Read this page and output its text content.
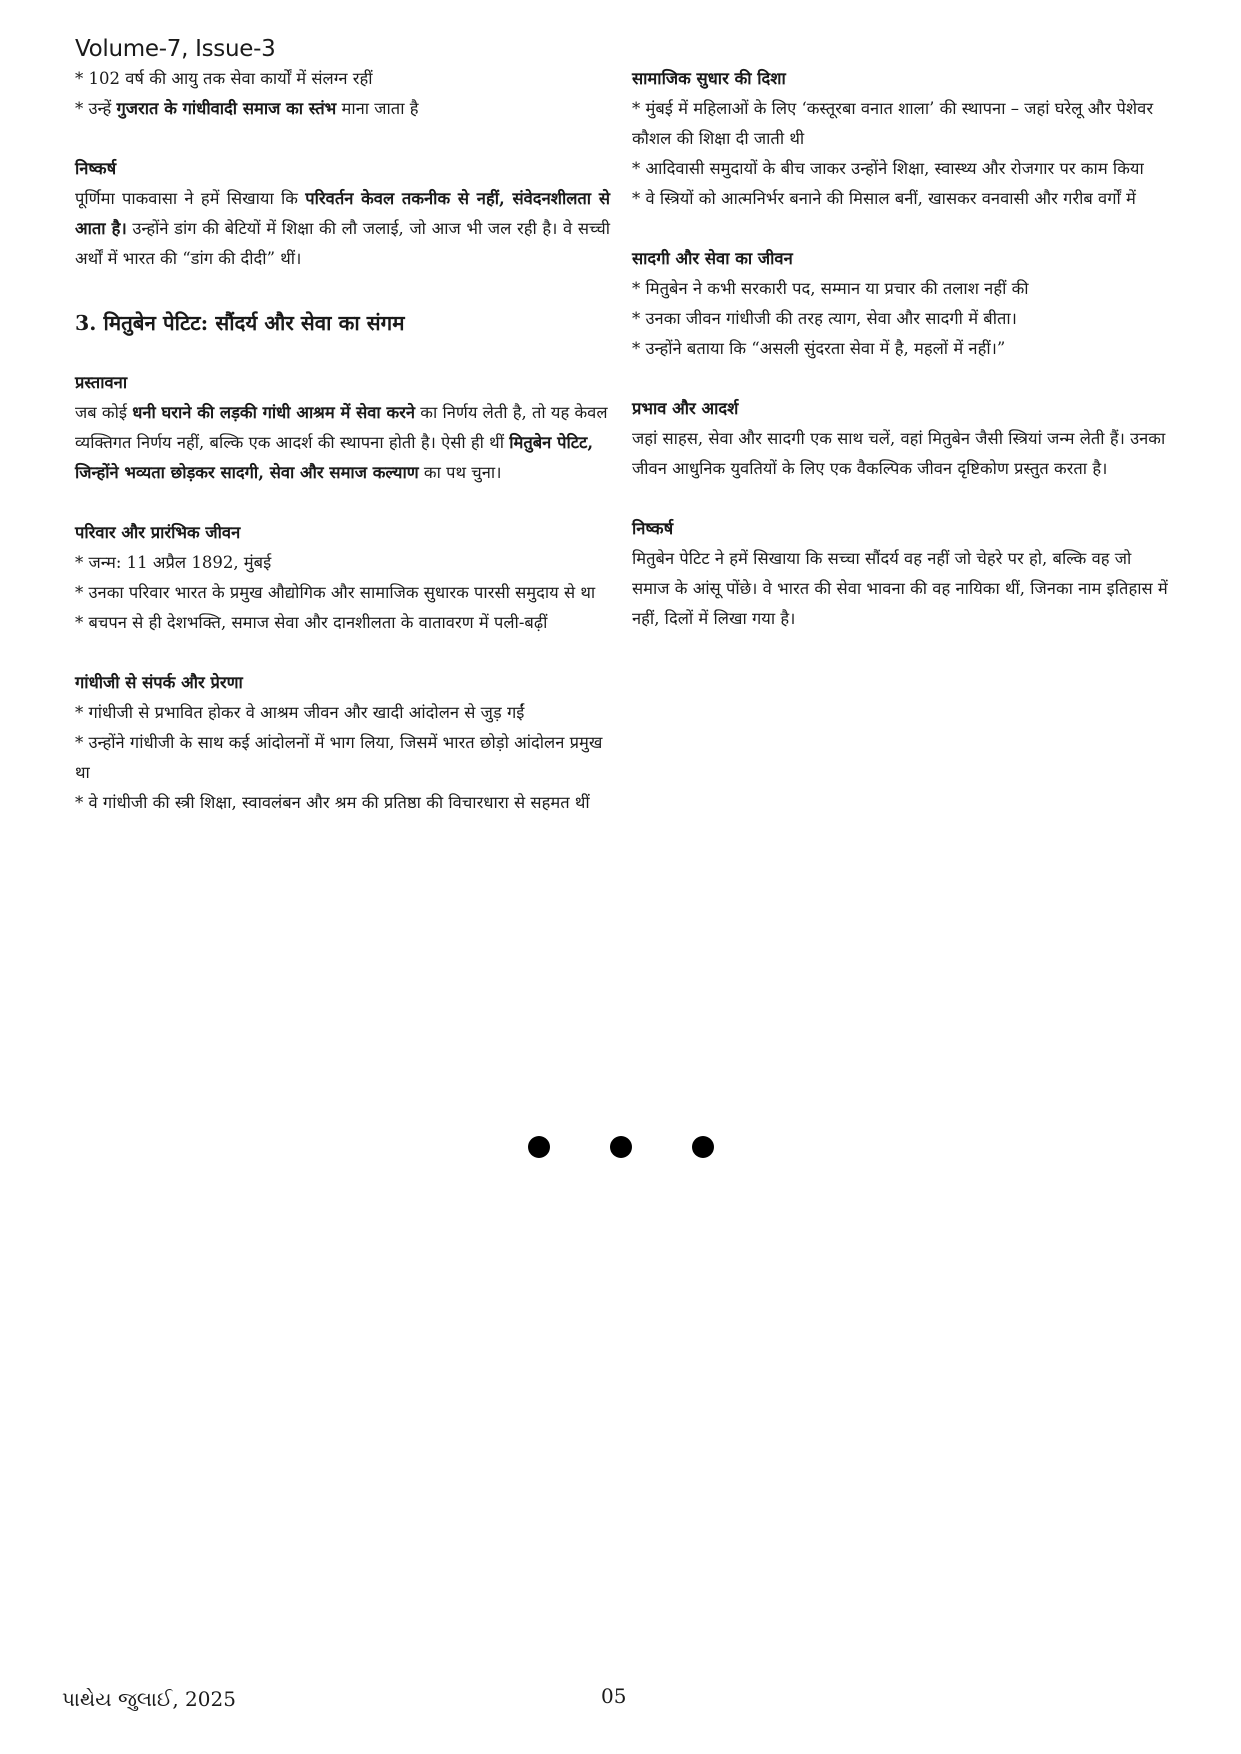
Volume-7, Issue-3

* 102 वर्ष की आयु तक सेवा कार्यों में संलग्न रहीं

* उन्हें गुजरात के गांधीवादी समाज का स्तंभ माना जाता है

निष्कर्ष

पूर्णिमा पाकवासा ने हमें सिखाया कि परिवर्तन केवल तकनीक से नहीं, संवेदनशीलता से आता है। उन्होंने डांग की बेटियों में शिक्षा की लौ जलाई, जो आज भी जल रही है। वे सच्ची अर्थों में भारत की “डांग की दीदी” थीं।

3. मितुबेन पेटिट: सौंदर्य और सेवा का संगम

प्रस्तावना

जब कोई धनी घराने की लड़की गांधी आश्रम में सेवा करने का निर्णय लेती है, तो यह केवल व्यक्तिगत निर्णय नहीं, बल्कि एक आदर्श की स्थापना होती है। ऐसी ही थीं मितुबेन पेटिट, जिन्होंने भव्यता छोड़कर सादगी, सेवा और समाज कल्याण का पथ चुना।

परिवार और प्रारंभिक जीवन

* जन्म: 11 अप्रैल 1892, मुंबई

* उनका परिवार भारत के प्रमुख औद्योगिक और सामाजिक सुधारक पारसी समुदाय से था

* बचपन से ही देशभक्ति, समाज सेवा और दानशीलता के वातावरण में पली-बढ़ीं

गांधीजी से संपर्क और प्रेरणा

* गांधीजी से प्रभावित होकर वे आश्रम जीवन और खादी आंदोलन से जुड़ गईं

* उन्होंने गांधीजी के साथ कई आंदोलनों में भाग लिया, जिसमें भारत छोड़ो आंदोलन प्रमुख था

* वे गांधीजी की स्त्री शिक्षा, स्वावलंबन और श्रम की प्रतिष्ठा की विचारधारा से सहमत थीं

सामाजिक सुधार की दिशा

* मुंबई में महिलाओं के लिए ‘कस्तूरबा वनात शाला’ की स्थापना – जहां घरेलू और पेशेवर कौशल की शिक्षा दी जाती थी

* आदिवासी समुदायों के बीच जाकर उन्होंने शिक्षा, स्वास्थ्य और रोजगार पर काम किया

* वे स्त्रियों को आत्मनिर्भर बनाने की मिसाल बनीं, खासकर वनवासी और गरीब वर्गों में

सादगी और सेवा का जीवन

* मितुबेन ने कभी सरकारी पद, सम्मान या प्रचार की तलाश नहीं की

* उनका जीवन गांधीजी की तरह त्याग, सेवा और सादगी में बीता।

* उन्होंने बताया कि “असली सुंदरता सेवा में है, महलों में नहीं।”

प्रभाव और आदर्श

जहां साहस, सेवा और सादगी एक साथ चलें, वहां मितुबेन जैसी स्त्रियां जन्म लेती हैं। उनका जीवन आधुनिक युवतियों के लिए एक वैकल्पिक जीवन दृष्टिकोण प्रस्तुत करता है।

निष्कर्ष

मितुबेन पेटिट ने हमें सिखाया कि सच्चा सौंदर्य वह नहीं जो चेहरे पर हो, बल्कि वह जो समाज के आंसू पोंछे। वे भारत की सेवा भावना की वह नायिका थीं, जिनका नाम इतिहास में नहीं, दिलों में लिखा गया है।

પાથેય જુલાઈ, 2025	05
